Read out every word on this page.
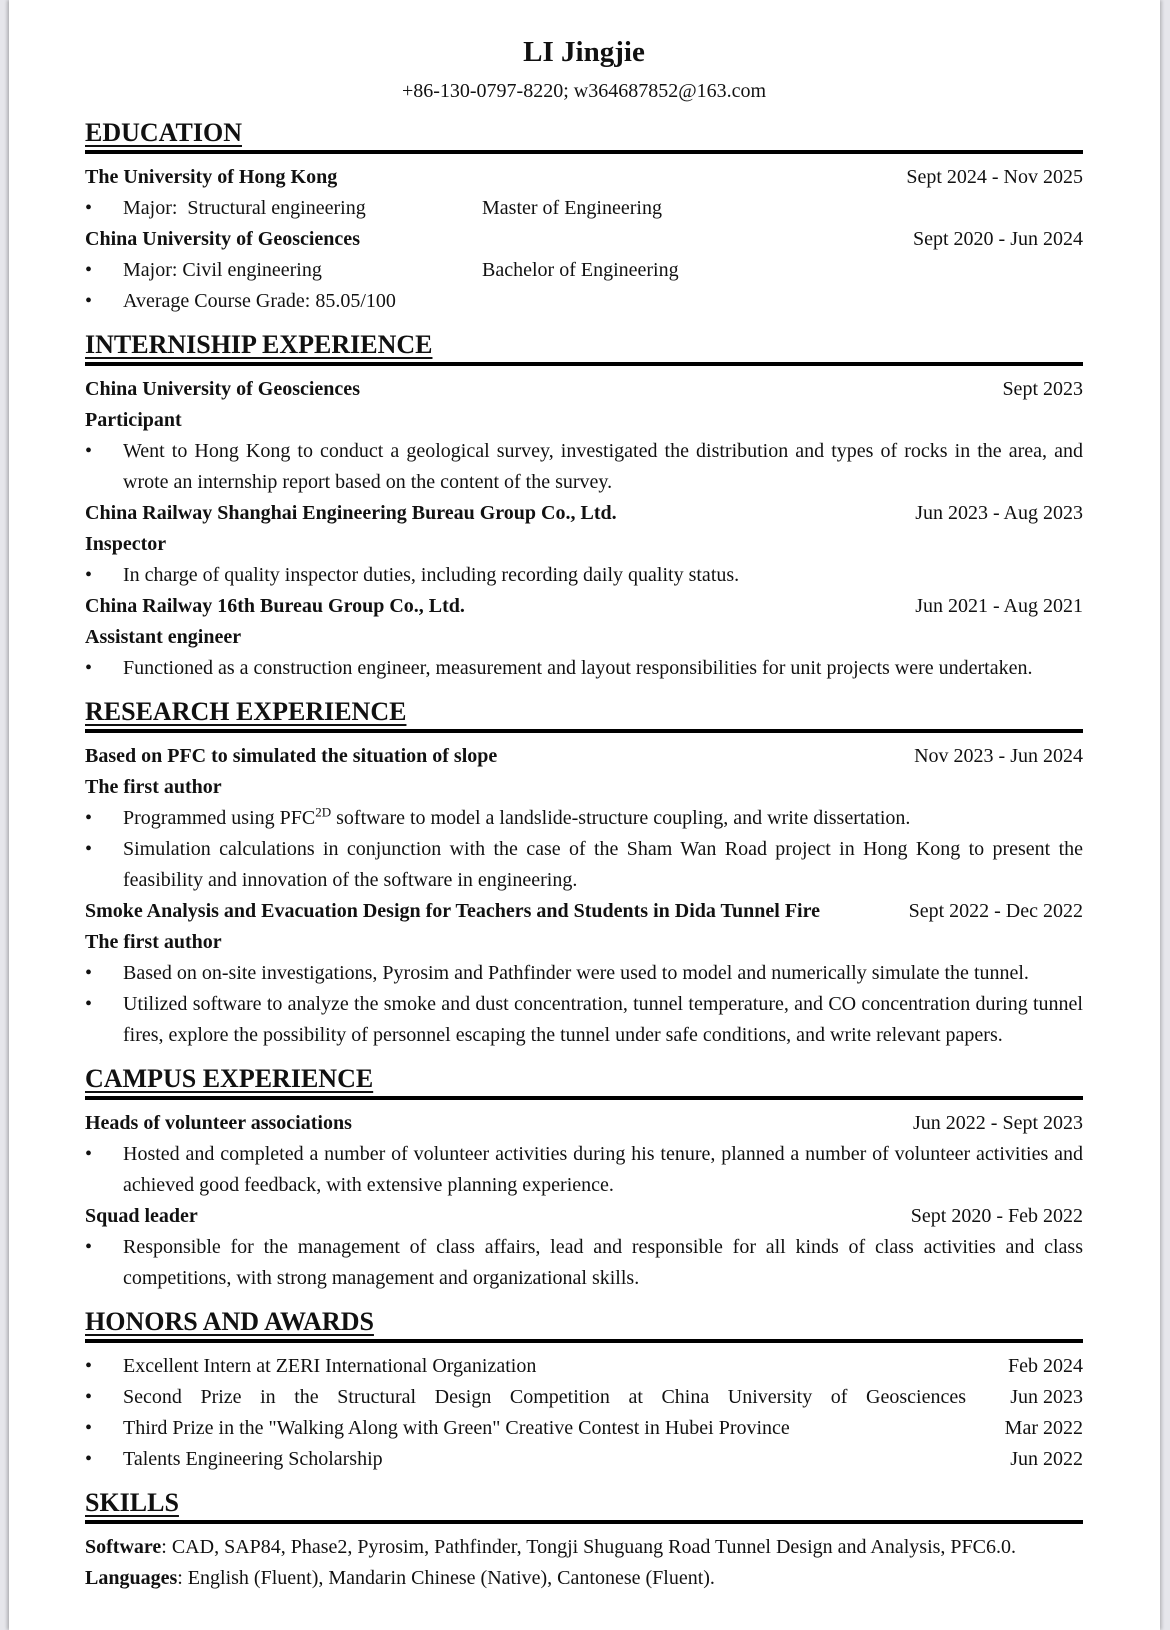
LI Jingjie
+86-130-0797-8220; w364687852@163.com
EDUCATION
The University of Hong Kong	Sept 2024 - Nov 2025
•	Major:  Structural engineering	Master of Engineering
China University of Geosciences	Sept 2020 - Jun 2024
•	Major: Civil engineering	Bachelor of Engineering
•	Average Course Grade: 85.05/100
INTERNISHIP EXPERIENCE
China University of Geosciences	Sept 2023
Participant
•	Went to Hong Kong to conduct a geological survey, investigated the distribution and types of rocks in the area, and wrote an internship report based on the content of the survey.
China Railway Shanghai Engineering Bureau Group Co., Ltd.	Jun 2023 - Aug 2023
Inspector
•	In charge of quality inspector duties, including recording daily quality status.
China Railway 16th Bureau Group Co., Ltd.	Jun 2021 - Aug 2021
Assistant engineer
•	Functioned as a construction engineer, measurement and layout responsibilities for unit projects were undertaken.
RESEARCH EXPERIENCE
Based on PFC to simulated the situation of slope	Nov 2023 - Jun 2024
The first author
•	Programmed using $PFC^{2D}$ software to model a landslide-structure coupling, and write dissertation.
•	Simulation calculations in conjunction with the case of the Sham Wan Road project in Hong Kong to present the feasibility and innovation of the software in engineering.
Smoke Analysis and Evacuation Design for Teachers and Students in Dida Tunnel Fire	Sept 2022 - Dec 2022
The first author
•	Based on on-site investigations, Pyrosim and Pathfinder were used to model and numerically simulate the tunnel.
•	Utilized software to analyze the smoke and dust concentration, tunnel temperature, and CO concentration during tunnel fires, explore the possibility of personnel escaping the tunnel under safe conditions, and write relevant papers.
CAMPUS EXPERIENCE
Heads of volunteer associations	Jun 2022 - Sept 2023
•	Hosted and completed a number of volunteer activities during his tenure, planned a number of volunteer activities and achieved good feedback, with extensive planning experience.
Squad leader	Sept 2020 - Feb 2022
•	Responsible for the management of class affairs, lead and responsible for all kinds of class activities and class competitions, with strong management and organizational skills.
HONORS AND AWARDS
•	Excellent Intern at ZERI International Organization	Feb 2024
•	Second Prize in the Structural Design Competition at China University of Geosciences	Jun 2023
•	Third Prize in the "Walking Along with Green" Creative Contest in Hubei Province	Mar 2022
•	Talents Engineering Scholarship	Jun 2022
SKILLS
Software: CAD, SAP84, Phase2, Pyrosim, Pathfinder, Tongji Shuguang Road Tunnel Design and Analysis, PFC6.0.
Languages: English (Fluent), Mandarin Chinese (Native), Cantonese (Fluent).
